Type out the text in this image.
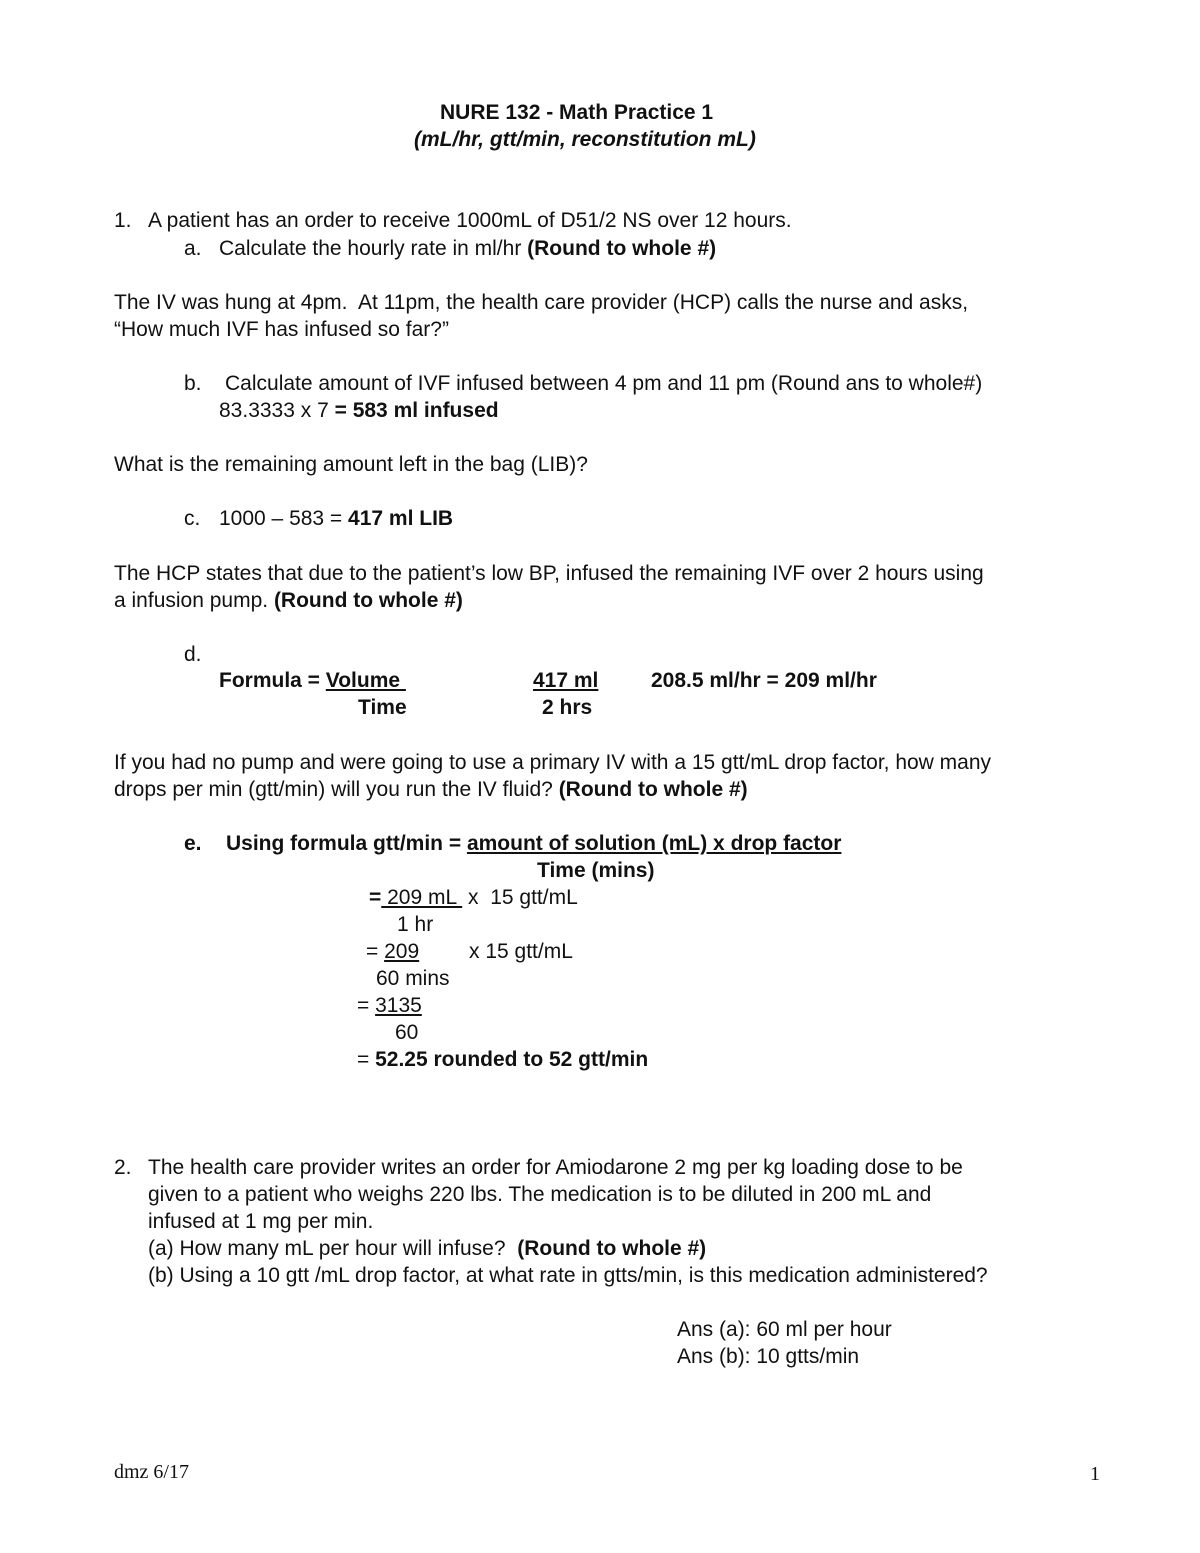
NURE 132 - Math Practice 1
(mL/hr, gtt/min, reconstitution mL)
1. A patient has an order to receive 1000mL of D51/2 NS over 12 hours.
a. Calculate the hourly rate in ml/hr (Round to whole #)
The IV was hung at 4pm.  At 11pm, the health care provider (HCP) calls the nurse and asks,
“How much IVF has infused so far?”
b. Calculate amount of IVF infused between 4 pm and 11 pm (Round ans to whole#)
83.3333 x 7 = 583 ml infused
What is the remaining amount left in the bag (LIB)?
c. 1000 – 583 = 417 ml LIB
The HCP states that due to the patient’s low BP, infused the remaining IVF over 2 hours using
a infusion pump. (Round to whole #)
d.
Formula = Volume	417 ml	208.5 ml/hr = 209 ml/hr
Time	2 hrs
If you had no pump and were going to use a primary IV with a 15 gtt/mL drop factor, how many
drops per min (gtt/min) will you run the IV fluid? (Round to whole #)
e. Using formula gtt/min = amount of solution (mL) x drop factor
Time (mins)
= 209 mL  x  15 gtt/mL
1 hr
= 209 x 15 gtt/mL
60 mins
= 3135
60
= 52.25 rounded to 52 gtt/min
2. The health care provider writes an order for Amiodarone 2 mg per kg loading dose to be
given to a patient who weighs 220 lbs. The medication is to be diluted in 200 mL and
infused at 1 mg per min.
(a) How many mL per hour will infuse?  (Round to whole #)
(b) Using a 10 gtt /mL drop factor, at what rate in gtts/min, is this medication administered?
Ans (a): 60 ml per hour
Ans (b): 10 gtts/min
dmz 6/17	1
